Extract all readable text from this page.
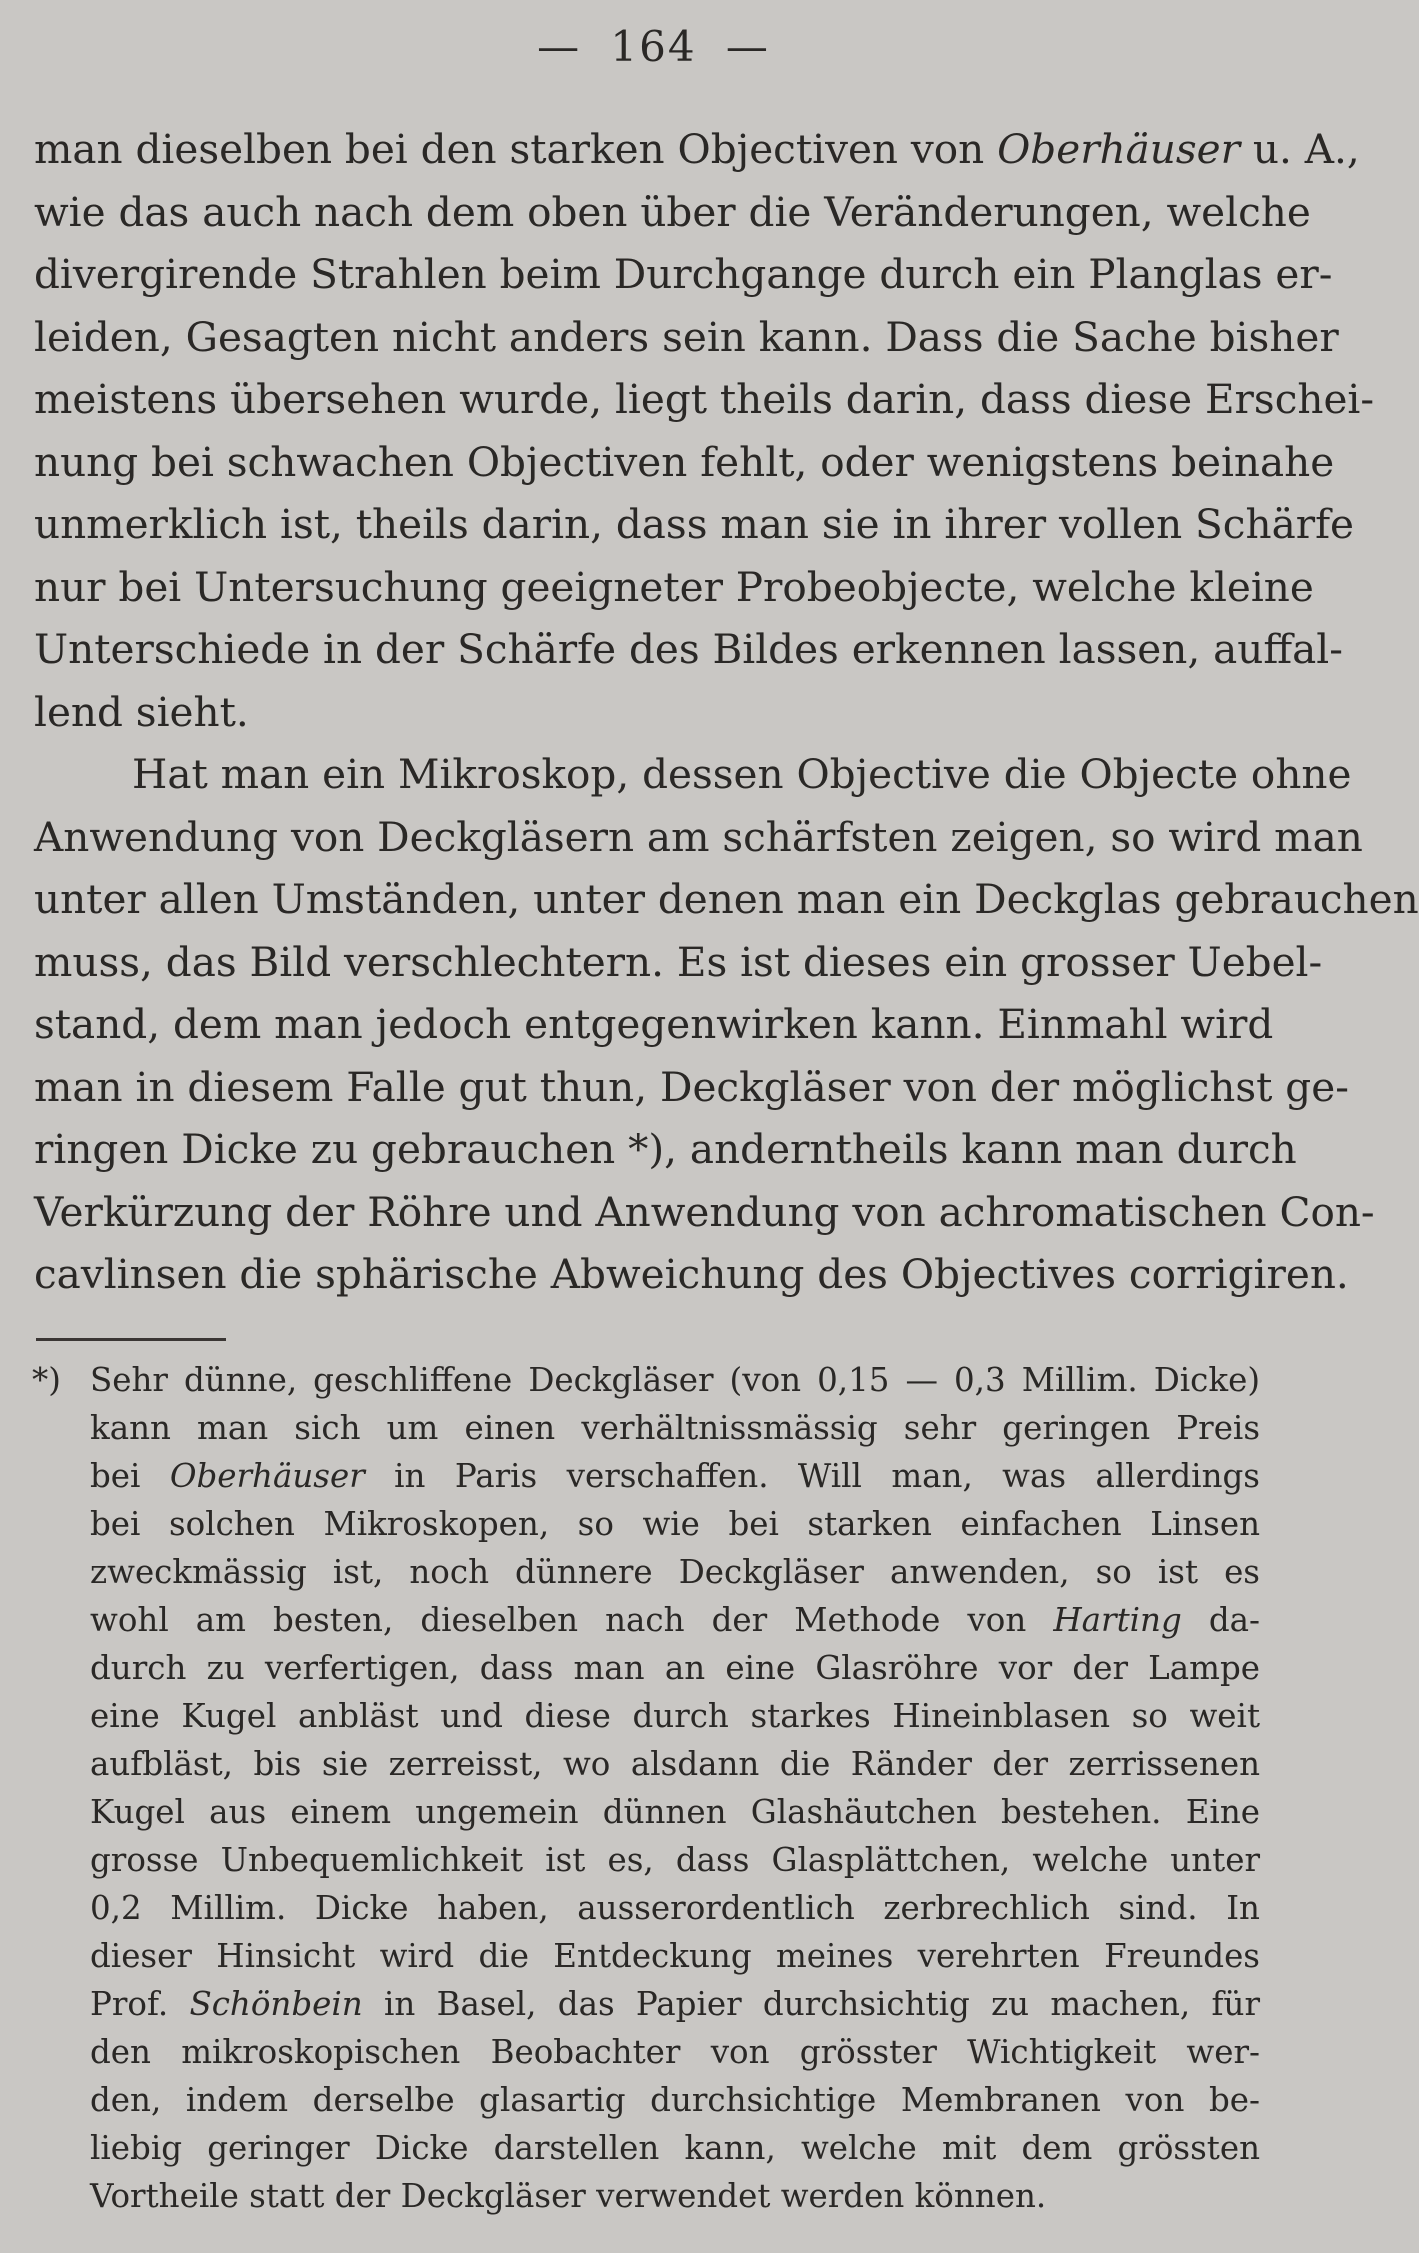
— 164 —
man dieselben bei den starken Objectiven von Oberhäuser u. A.,
wie das auch nach dem oben über die Veränderungen, welche
divergirende Strahlen beim Durchgange durch ein Planglas er-
leiden, Gesagten nicht anders sein kann. Dass die Sache bisher
meistens übersehen wurde, liegt theils darin, dass diese Erschei-
nung bei schwachen Objectiven fehlt, oder wenigstens beinahe
unmerklich ist, theils darin, dass man sie in ihrer vollen Schärfe
nur bei Untersuchung geeigneter Probeobjecte, welche kleine
Unterschiede in der Schärfe des Bildes erkennen lassen, auffal-
lend sieht.
Hat man ein Mikroskop, dessen Objective die Objecte ohne
Anwendung von Deckgläsern am schärfsten zeigen, so wird man
unter allen Umständen, unter denen man ein Deckglas gebrauchen
muss, das Bild verschlechtern. Es ist dieses ein grosser Uebel-
stand, dem man jedoch entgegenwirken kann. Einmahl wird
man in diesem Falle gut thun, Deckgläser von der möglichst ge-
ringen Dicke zu gebrauchen *), anderntheils kann man durch
Verkürzung der Röhre und Anwendung von achromatischen Con-
cavlinsen die sphärische Abweichung des Objectives corrigiren.
*) Sehr dünne, geschliffene Deckgläser (von 0,15 — 0,3 Millim. Dicke)
kann man sich um einen verhältnissmässig sehr geringen Preis
bei Oberhäuser in Paris verschaffen. Will man, was allerdings
bei solchen Mikroskopen, so wie bei starken einfachen Linsen
zweckmässig ist, noch dünnere Deckgläser anwenden, so ist es
wohl am besten, dieselben nach der Methode von Harting da-
durch zu verfertigen, dass man an eine Glasröhre vor der Lampe
eine Kugel anbläst und diese durch starkes Hineinblasen so weit
aufbläst, bis sie zerreisst, wo alsdann die Ränder der zerrissenen
Kugel aus einem ungemein dünnen Glashäutchen bestehen. Eine
grosse Unbequemlichkeit ist es, dass Glasplättchen, welche unter
0,2 Millim. Dicke haben, ausserordentlich zerbrechlich sind. In
dieser Hinsicht wird die Entdeckung meines verehrten Freundes
Prof. Schönbein in Basel, das Papier durchsichtig zu machen, für
den mikroskopischen Beobachter von grösster Wichtigkeit wer-
den, indem derselbe glasartig durchsichtige Membranen von be-
liebig geringer Dicke darstellen kann, welche mit dem grössten
Vortheile statt der Deckgläser verwendet werden können.
